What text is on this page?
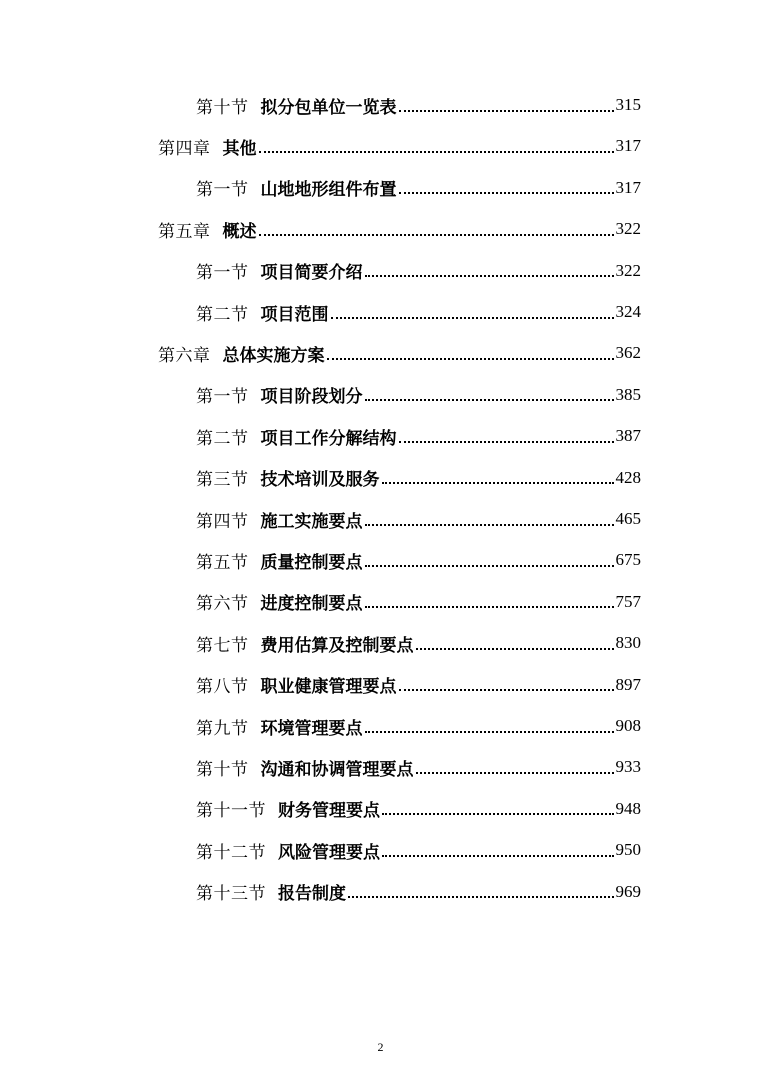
第十节 拟分包单位一览表	315
第四章 其他	317
第一节 山地地形组件布置	317
第五章 概述	322
第一节 项目简要介绍	322
第二节 项目范围	324
第六章 总体实施方案	362
第一节 项目阶段划分	385
第二节 项目工作分解结构	387
第三节 技术培训及服务	428
第四节 施工实施要点	465
第五节 质量控制要点	675
第六节 进度控制要点	757
第七节 费用估算及控制要点	830
第八节 职业健康管理要点	897
第九节 环境管理要点	908
第十节 沟通和协调管理要点	933
第十一节 财务管理要点	948
第十二节 风险管理要点	950
第十三节 报告制度	969
2
